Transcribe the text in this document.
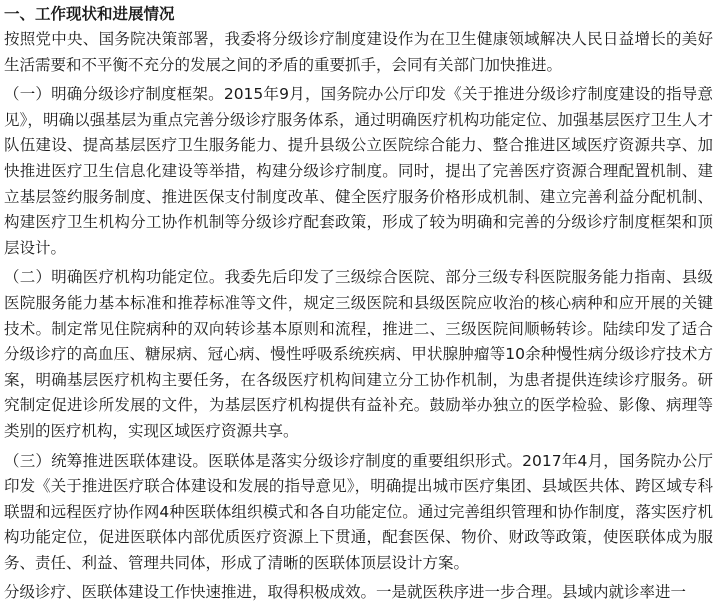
一、工作现状和进展情况

按照党中央、国务院决策部署，我委将分级诊疗制度建设作为在卫生健康领域解决人民日益增长的美好生活需要和不平衡不充分的发展之间的矛盾的重要抓手，会同有关部门加快推进。

（一）明确分级诊疗制度框架。2015年9月，国务院办公厅印发《关于推进分级诊疗制度建设的指导意见》，明确以强基层为重点完善分级诊疗服务体系，通过明确医疗机构功能定位、加强基层医疗卫生人才队伍建设、提高基层医疗卫生服务能力、提升县级公立医院综合能力、整合推进区域医疗资源共享、加快推进医疗卫生信息化建设等举措，构建分级诊疗制度。同时，提出了完善医疗资源合理配置机制、建立基层签约服务制度、推进医保支付制度改革、健全医疗服务价格形成机制、建立完善利益分配机制、构建医疗卫生机构分工协作机制等分级诊疗配套政策，形成了较为明确和完善的分级诊疗制度框架和顶层设计。

（二）明确医疗机构功能定位。我委先后印发了三级综合医院、部分三级专科医院服务能力指南、县级医院服务能力基本标准和推荐标准等文件，规定三级医院和县级医院应收治的核心病种和应开展的关键技术。制定常见住院病种的双向转诊基本原则和流程，推进二、三级医院间顺畅转诊。陆续印发了适合分级诊疗的高血压、糖尿病、冠心病、慢性呼吸系统疾病、甲状腺肿瘤等10余种慢性病分级诊疗技术方案，明确基层医疗机构主要任务，在各级医疗机构间建立分工协作机制，为患者提供连续诊疗服务。研究制定促进诊所发展的文件，为基层医疗机构提供有益补充。鼓励举办独立的医学检验、影像、病理等类别的医疗机构，实现区域医疗资源共享。

（三）统筹推进医联体建设。医联体是落实分级诊疗制度的重要组织形式。2017年4月，国务院办公厅印发《关于推进医疗联合体建设和发展的指导意见》，明确提出城市医疗集团、县域医共体、跨区域专科联盟和远程医疗协作网4种医联体组织模式和各自功能定位。通过完善组织管理和协作制度，落实医疗机构功能定位，促进医联体内部优质医疗资源上下贯通，配套医保、物价、财政等政策，使医联体成为服务、责任、利益、管理共同体，形成了清晰的医联体顶层设计方案。

分级诊疗、医联体建设工作快速推进，取得积极成效。一是就医秩序进一步合理。县域内就诊率进一
